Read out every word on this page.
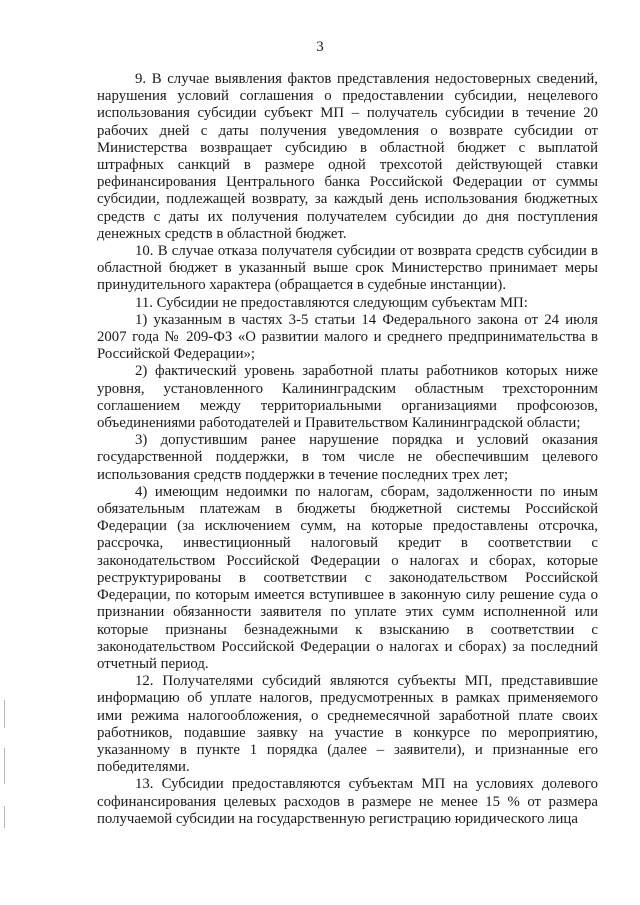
3

9. В случае выявления фактов представления недостоверных сведений, нарушения условий соглашения о предоставлении субсидии, нецелевого использования субсидии субъект МП – получатель субсидии в течение 20 рабочих дней с даты получения уведомления о возврате субсидии от Министерства возвращает субсидию в областной бюджет с выплатой штрафных санкций в размере одной трехсотой действующей ставки рефинансирования Центрального банка Российской Федерации от суммы субсидии, подлежащей возврату, за каждый день использования бюджетных средств с даты их получения получателем субсидии до дня поступления денежных средств в областной бюджет.

10. В случае отказа получателя субсидии от возврата средств субсидии в областной бюджет в указанный выше срок Министерство принимает меры принудительного характера (обращается в судебные инстанции).

11. Субсидии не предоставляются следующим субъектам МП:

1) указанным в частях 3-5 статьи 14 Федерального закона от 24 июля 2007 года № 209-ФЗ «О развитии малого и среднего предпринимательства в Российской Федерации»;

2) фактический уровень заработной платы работников которых ниже уровня, установленного Калининградским областным трехсторонним соглашением между территориальными организациями профсоюзов, объединениями работодателей и Правительством Калининградской области;

3) допустившим ранее нарушение порядка и условий оказания государственной поддержки, в том числе не обеспечившим целевого использования средств поддержки в течение последних трех лет;

4) имеющим недоимки по налогам, сборам, задолженности по иным обязательным платежам в бюджеты бюджетной системы Российской Федерации (за исключением сумм, на которые предоставлены отсрочка, рассрочка, инвестиционный налоговый кредит в соответствии с законодательством Российской Федерации о налогах и сборах, которые реструктурированы в соответствии с законодательством Российской Федерации, по которым имеется вступившее в законную силу решение суда о признании обязанности заявителя по уплате этих сумм исполненной или которые признаны безнадежными к взысканию в соответствии с законодательством Российской Федерации о налогах и сборах) за последний отчетный период.

12. Получателями субсидий являются субъекты МП, представившие информацию об уплате налогов, предусмотренных в рамках применяемого ими режима налогообложения, о среднемесячной заработной плате своих работников, подавшие заявку на участие в конкурсе по мероприятию, указанному в пункте 1 порядка (далее – заявители), и признанные его победителями.

13. Субсидии предоставляются субъектам МП на условиях долевого софинансирования целевых расходов в размере не менее 15 % от размера получаемой субсидии на государственную регистрацию юридического лица
